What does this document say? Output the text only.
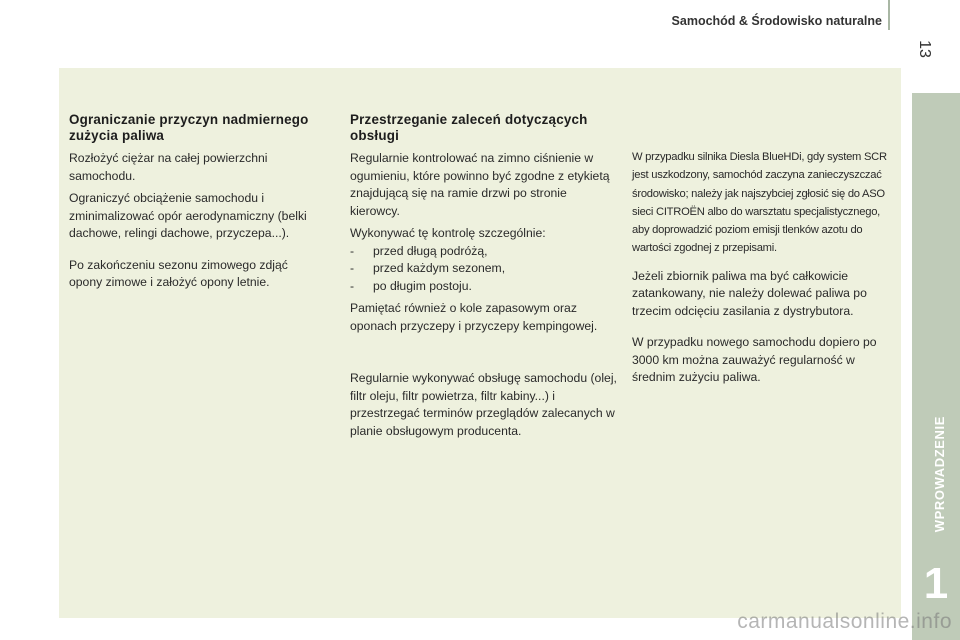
Samochód & Środowisko naturalne
13
WPROWADZENIE
1
Ograniczanie przyczyn nadmiernego zużycia paliwa

Rozłożyć ciężar na całej powierzchni samochodu.

Ograniczyć obciążenie samochodu i zminimalizować opór aerodynamiczny (belki dachowe, relingi dachowe, przyczepa...).

Po zakończeniu sezonu zimowego zdjąć opony zimowe i założyć opony letnie.

Przestrzeganie zaleceń dotyczących obsługi

Regularnie kontrolować na zimno ciśnienie w ogumieniu, które powinno być zgodne z etykietą znajdującą się na ramie drzwi po stronie kierowcy.

Wykonywać tę kontrolę szczególnie:

- przed długą podróżą,
- przed każdym sezonem,
- po długim postoju.

Pamiętać również o kole zapasowym oraz oponach przyczepy i przyczepy kempingowej.

Regularnie wykonywać obsługę samochodu (olej, filtr oleju, filtr powietrza, filtr kabiny...) i przestrzegać terminów przeglądów zalecanych w planie obsługowym producenta.

W przypadku silnika Diesla BlueHDi, gdy system SCR jest uszkodzony, samochód zaczyna zanieczyszczać środowisko; należy jak najszybciej zgłosić się do ASO sieci CITROËN albo do warsztatu specjalistycznego, aby doprowadzić poziom emisji tlenków azotu do wartości zgodnej z przepisami.

Jeżeli zbiornik paliwa ma być całkowicie zatankowany, nie należy dolewać paliwa po trzecim odcięciu zasilania z dystrybutora.

W przypadku nowego samochodu dopiero po 3000 km można zauważyć regularność w średnim zużyciu paliwa.

carmanualsonline.info
